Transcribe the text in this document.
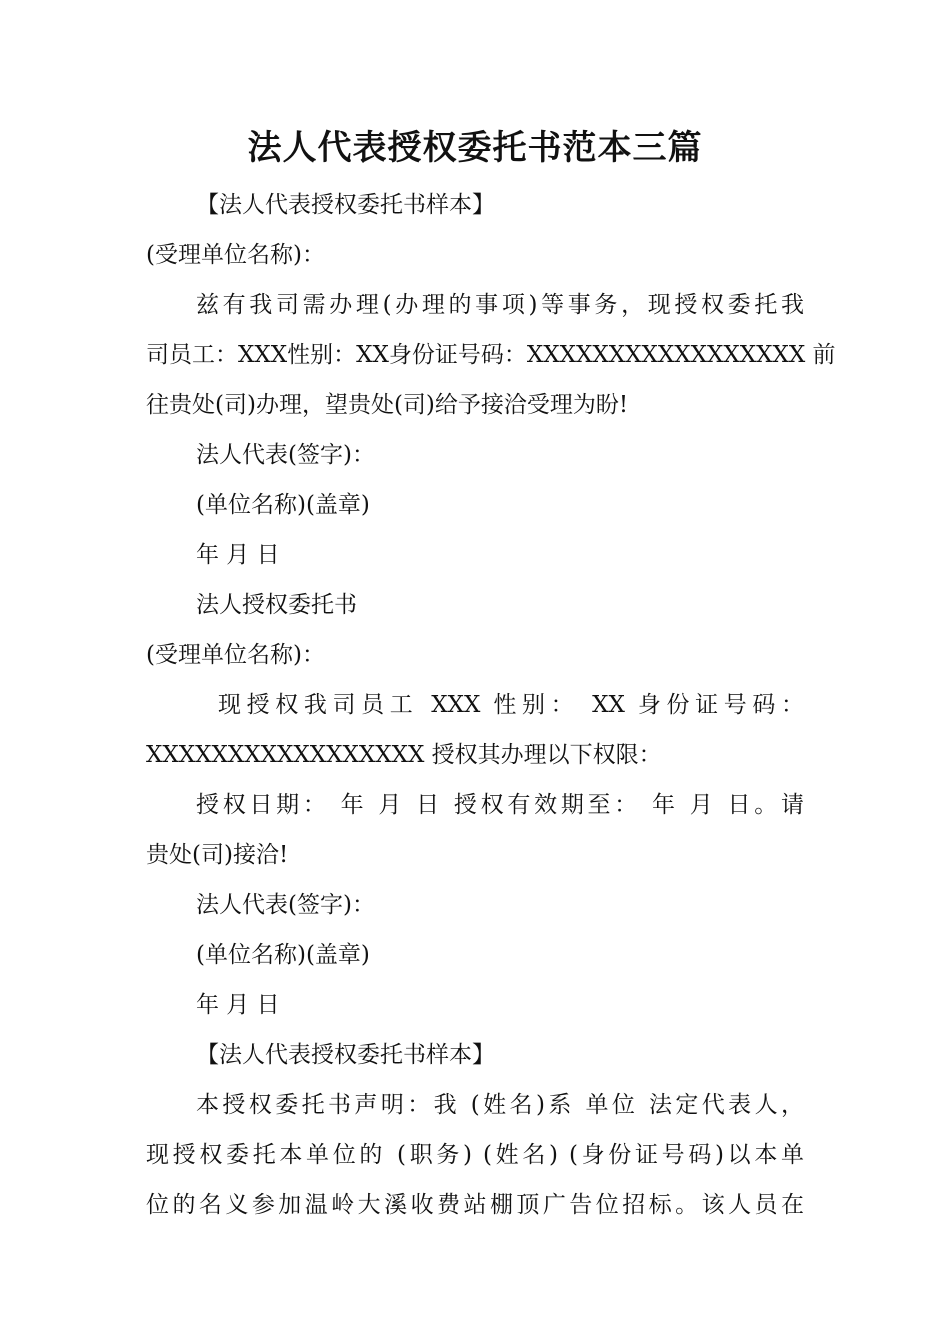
法人代表授权委托书范本三篇

【法人代表授权委托书样本】

(受理单位名称)：

兹有我司需办理(办理的事项)等事务，现授权委托我

司员工：XXX性别：XX身份证号码：XXXXXXXXXXXXXXXXX 前

往贵处(司)办理，望贵处(司)给予接洽受理为盼!

法人代表(签字)：

(单位名称)(盖章)

年 月 日

法人授权委托书

(受理单位名称)：

现授权我司员工 XXX 性别： XX 身份证号码：

XXXXXXXXXXXXXXXXX 授权其办理以下权限：

授权日期： 年 月 日 授权有效期至： 年 月 日。请

贵处(司)接洽!

法人代表(签字)：

(单位名称)(盖章)

年 月 日

【法人代表授权委托书样本】

本授权委托书声明：我 (姓名)系 单位 法定代表人，

现授权委托本单位的 (职务) (姓名) (身份证号码)以本单

位的名义参加温岭大溪收费站棚顶广告位招标。该人员在
